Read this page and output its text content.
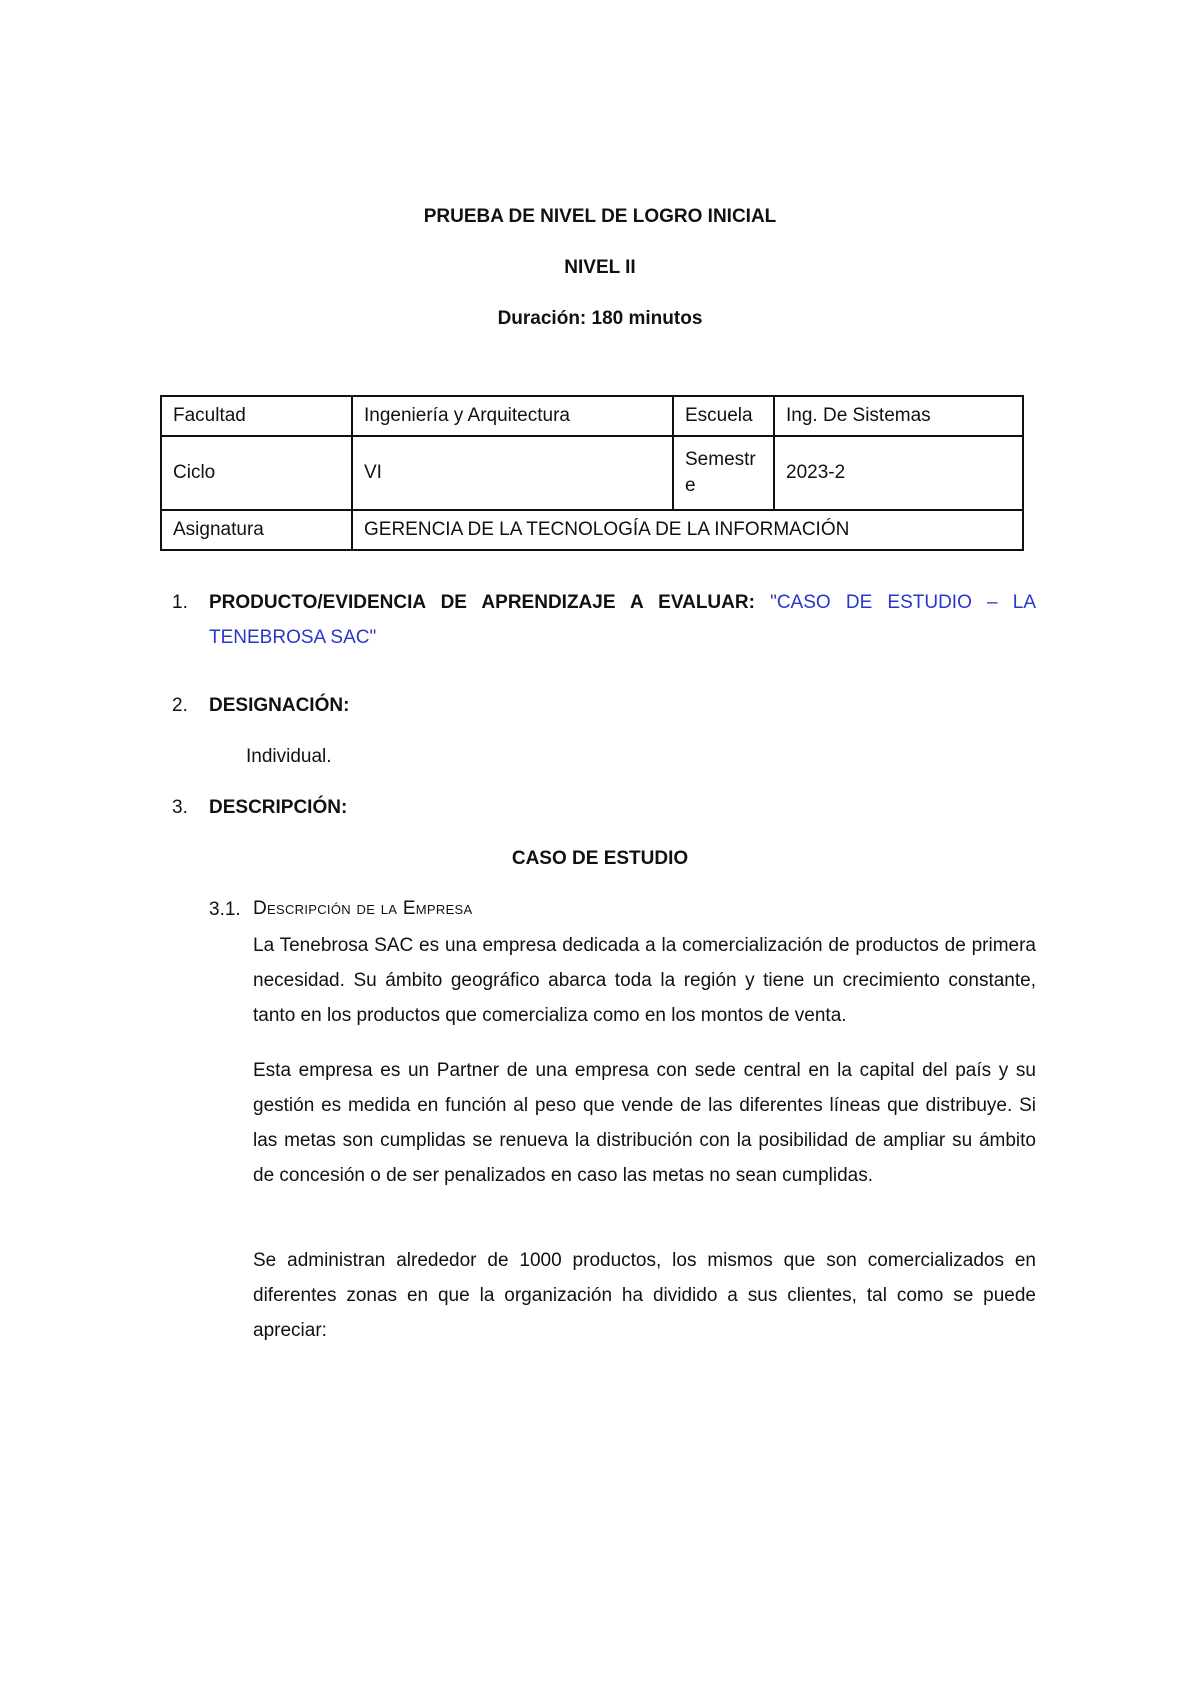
PRUEBA DE NIVEL DE LOGRO INICIAL
NIVEL II
Duración: 180 minutos
Facultad	Ingeniería y Arquitectura	Escuela	Ing. De Sistemas
Ciclo	VI	Semestre	2023-2
Asignatura	GERENCIA DE LA TECNOLOGÍA DE LA INFORMACIÓN		
1. PRODUCTO/EVIDENCIA DE APRENDIZAJE A EVALUAR: "CASO DE ESTUDIO – LA TENEBROSA SAC"
2. DESIGNACIÓN:
Individual.
3. DESCRIPCIÓN:
CASO DE ESTUDIO
3.1. Descripción de la Empresa
La Tenebrosa SAC es una empresa dedicada a la comercialización de productos de primera necesidad. Su ámbito geográfico abarca toda la región y tiene un crecimiento constante, tanto en los productos que comercializa como en los montos de venta.
Esta empresa es un Partner de una empresa con sede central en la capital del país y su gestión es medida en función al peso que vende de las diferentes líneas que distribuye. Si las metas son cumplidas se renueva la distribución con la posibilidad de ampliar su ámbito de concesión o de ser penalizados en caso las metas no sean cumplidas.
Se administran alrededor de 1000 productos, los mismos que son comercializados en diferentes zonas en que la organización ha dividido a sus clientes, tal como se puede apreciar:
